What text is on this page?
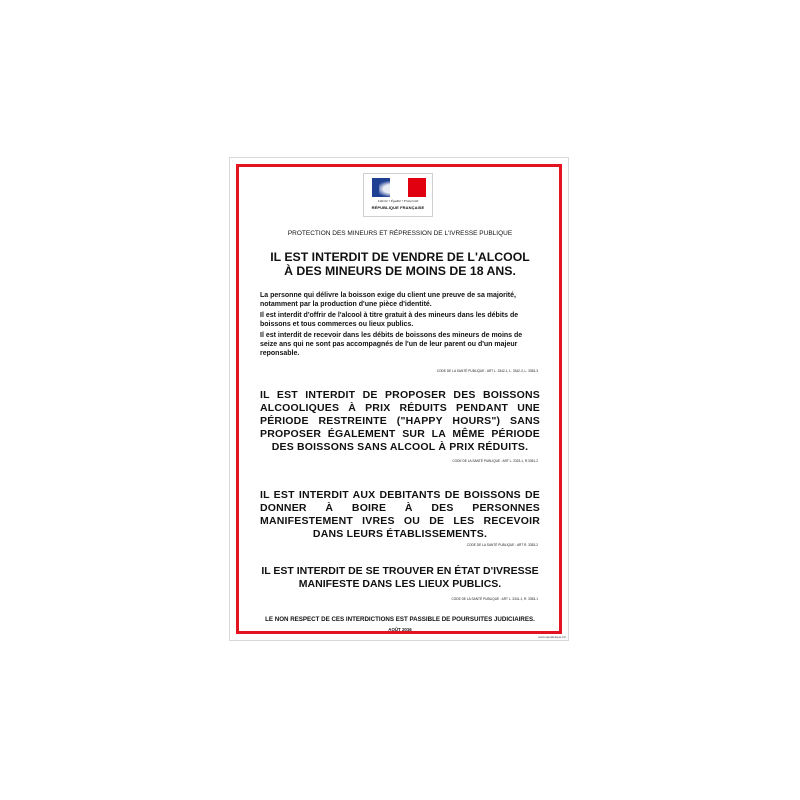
Liberté • Égalité • Fraternité
RÉPUBLIQUE FRANÇAISE
PROTECTION DES MINEURS ET RÉPRESSION DE L'IVRESSE PUBLIQUE
IL EST INTERDIT DE VENDRE DE L'ALCOOL
À DES MINEURS DE MOINS DE 18 ANS.

La personne qui délivre la boisson exige du client une preuve de sa majorité, notamment par la production d'une pièce d'identité.

Il est interdit d'offrir de l'alcool à titre gratuit à des mineurs dans les débits de boissons et tous commerces ou lieux publics.

Il est interdit de recevoir dans les débits de boissons des mineurs de moins de seize ans qui ne sont pas accompagnés de l'un de leur parent ou d'un majeur reponsable.

CODE DE LA SANTÉ PUBLIQUE : ART L. 3342-1, L. 3342-3, L. 3353-3
IL EST INTERDIT DE PROPOSER DES BOISSONS ALCOOLIQUES À PRIX RÉDUITS PENDANT UNE PÉRIODE RESTREINTE ("HAPPY HOURS") SANS PROPOSER ÉGALEMENT SUR LA MÊME PÉRIODE DES BOISSONS SANS ALCOOL À PRIX RÉDUITS.
CODE DE LA SANTÉ PUBLIQUE : ART L. 3323-1, R.3351-2
IL EST INTERDIT AUX DEBITANTS DE BOISSONS DE DONNER À BOIRE À DES PERSONNES MANIFESTEMENT IVRES OU DE LES RECEVOIR DANS LEURS ÉTABLISSEMENTS.
CODE DE LA SANTÉ PUBLIQUE : ART R. 3353-2
IL EST INTERDIT DE SE TROUVER EN ÉTAT D'IVRESSE MANIFESTE DANS LES LIEUX PUBLICS.
CODE DE LA SANTÉ PUBLIQUE : ART L. 3341-1, R. 3353-1
LE NON RESPECT DE CES INTERDICTIONS EST PASSIBLE DE POURSUITES JUDICIAIRES.
AOÛT 2016
www.signaletique.biz
